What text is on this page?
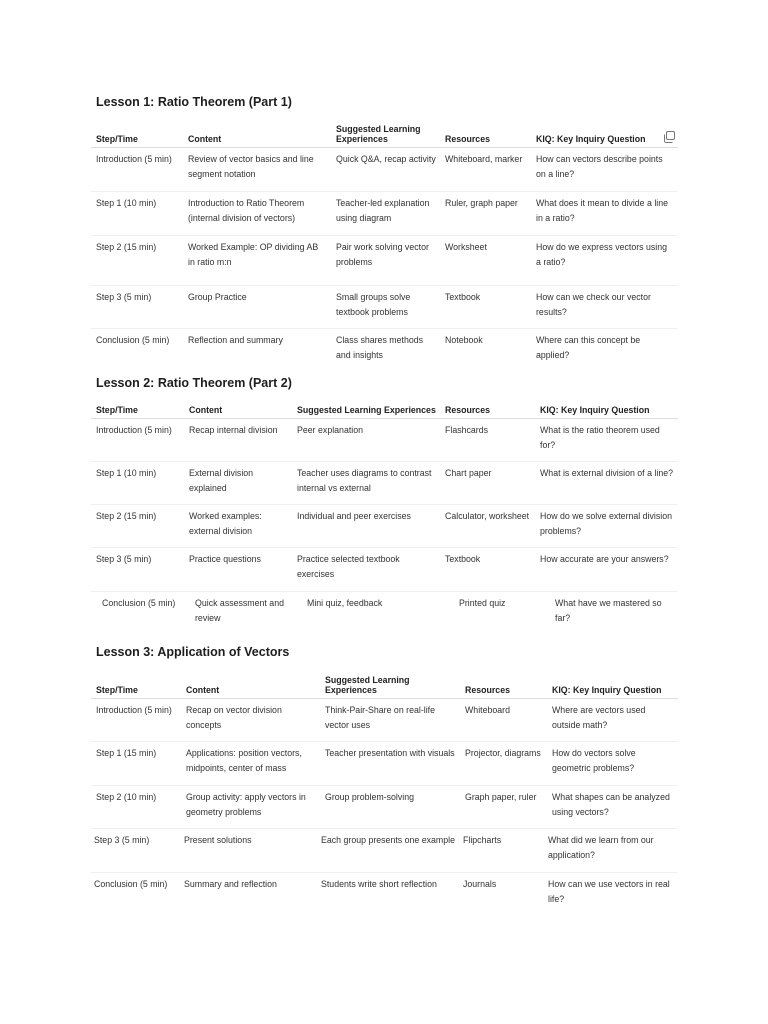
Lesson 1: Ratio Theorem (Part 1)
Step/Time	Content	Suggested Learning Experiences	Resources	KIQ: Key Inquiry Question
Introduction (5 min)	Review of vector basics and line segment notation	Quick Q&A, recap activity	Whiteboard, marker	How can vectors describe points on a line?
Step 1 (10 min)	Introduction to Ratio Theorem (internal division of vectors)	Teacher-led explanation using diagram	Ruler, graph paper	What does it mean to divide a line in a ratio?
Step 2 (15 min)	Worked Example: OP dividing AB in ratio m:n	Pair work solving vector problems	Worksheet	How do we express vectors using a ratio?
Step 3 (5 min)	Group Practice	Small groups solve textbook problems	Textbook	How can we check our vector results?
Conclusion (5 min)	Reflection and summary	Class shares methods and insights	Notebook	Where can this concept be applied?
Lesson 2: Ratio Theorem (Part 2)
Step/Time	Content	Suggested Learning Experiences	Resources	KIQ: Key Inquiry Question
Introduction (5 min)	Recap internal division	Peer explanation	Flashcards	What is the ratio theorem used for?
Step 1 (10 min)	External division explained	Teacher uses diagrams to contrast internal vs external	Chart paper	What is external division of a line?
Step 2 (15 min)	Worked examples: external division	Individual and peer exercises	Calculator, worksheet	How do we solve external division problems?
Step 3 (5 min)	Practice questions	Practice selected textbook exercises	Textbook	How accurate are your answers?
Conclusion (5 min)	Quick assessment and review	Mini quiz, feedback	Printed quiz	What have we mastered so far?
Lesson 3: Application of Vectors
Step/Time	Content	Suggested Learning Experiences	Resources	KIQ: Key Inquiry Question
Introduction (5 min)	Recap on vector division concepts	Think-Pair-Share on real-life vector uses	Whiteboard	Where are vectors used outside math?
Step 1 (15 min)	Applications: position vectors, midpoints, center of mass	Teacher presentation with visuals	Projector, diagrams	How do vectors solve geometric problems?
Step 2 (10 min)	Group activity: apply vectors in geometry problems	Group problem-solving	Graph paper, ruler	What shapes can be analyzed using vectors?
Step 3 (5 min)	Present solutions	Each group presents one example	Flipcharts	What did we learn from our application?
Conclusion (5 min)	Summary and reflection	Students write short reflection	Journals	How can we use vectors in real life?
